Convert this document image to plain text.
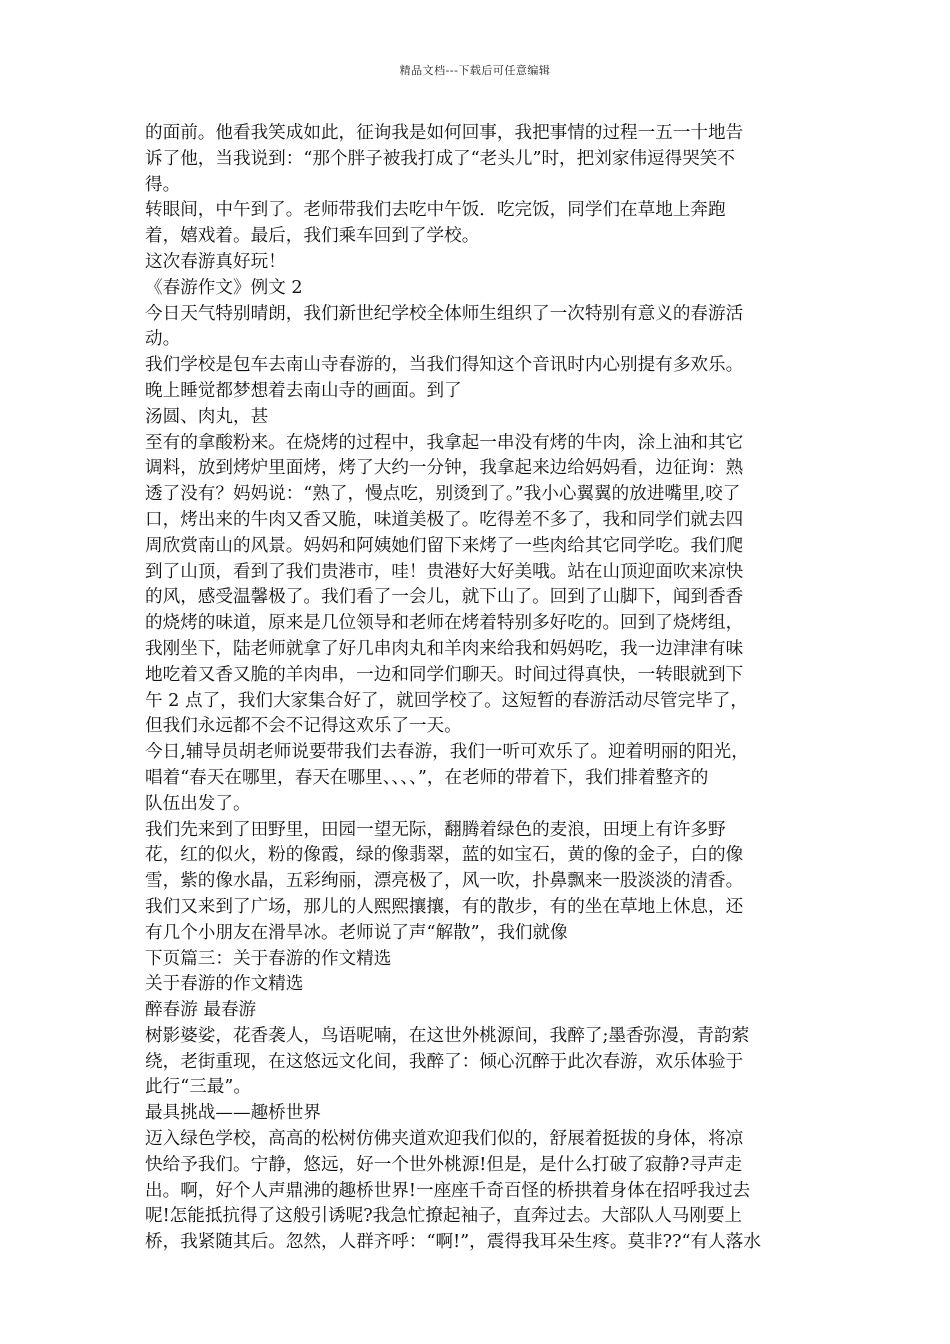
精品文档---下载后可任意编辑
的面前。他看我笑成如此，征询我是如何回事，我把事情的过程一五一十地告
诉了他，当我说到：“那个胖子被我打成了“老头儿”时，把刘家伟逗得哭笑不
得。
转眼间，中午到了。老师带我们去吃中午饭．吃完饭，同学们在草地上奔跑
着，嬉戏着。最后，我们乘车回到了学校。
这次春游真好玩！
《春游作文》例文 2
今日天气特别晴朗，我们新世纪学校全体师生组织了一次特别有意义的春游活
动。
我们学校是包车去南山寺春游的，当我们得知这个音讯时内心别提有多欢乐。
晚上睡觉都梦想着去南山寺的画面。到了
汤圆、肉丸，甚
至有的拿酸粉来。在烧烤的过程中，我拿起一串没有烤的牛肉，涂上油和其它
调料，放到烤炉里面烤，烤了大约一分钟，我拿起来边给妈妈看，边征询：熟
透了没有？妈妈说：“熟了，慢点吃，别烫到了。”我小心翼翼的放进嘴里,咬了
口，烤出来的牛肉又香又脆，味道美极了。吃得差不多了，我和同学们就去四
周欣赏南山的风景。妈妈和阿姨她们留下来烤了一些肉给其它同学吃。我们爬
到了山顶，看到了我们贵港市，哇！贵港好大好美哦。站在山顶迎面吹来凉快
的风，感受温馨极了。我们看了一会儿，就下山了。回到了山脚下，闻到香香
的烧烤的味道，原来是几位领导和老师在烤着特别多好吃的。回到了烧烤组，
我刚坐下，陆老师就拿了好几串肉丸和羊肉来给我和妈妈吃，我一边津津有味
地吃着又香又脆的羊肉串，一边和同学们聊天。时间过得真快，一转眼就到下
午 2 点了，我们大家集合好了，就回学校了。这短暂的春游活动尽管完毕了，
但我们永远都不会不记得这欢乐了一天。
今日,辅导员胡老师说要带我们去春游，我们一听可欢乐了。迎着明丽的阳光，
唱着“春天在哪里，春天在哪里、、、、”，在老师的带着下，我们排着整齐的
队伍出发了。
我们先来到了田野里，田园一望无际，翻腾着绿色的麦浪，田埂上有许多野
花，红的似火，粉的像霞，绿的像翡翠，蓝的如宝石，黄的像的金子，白的像
雪，紫的像水晶，五彩绚丽，漂亮极了，风一吹，扑鼻飘来一股淡淡的清香。
我们又来到了广场，那儿的人熙熙攘攘，有的散步，有的坐在草地上休息，还
有几个小朋友在滑旱冰。老师说了声“解散”，我们就像
下页篇三：关于春游的作文精选
关于春游的作文精选
醉春游 最春游
树影婆娑，花香袭人，鸟语呢喃，在这世外桃源间，我醉了;墨香弥漫，青韵萦
绕，老街重现，在这悠远文化间，我醉了：倾心沉醉于此次春游，欢乐体验于
此行“三最”。
最具挑战——趣桥世界
迈入绿色学校，高高的松树仿佛夹道欢迎我们似的，舒展着挺拔的身体，将凉
快给予我们。宁静，悠远，好一个世外桃源!但是，是什么打破了寂静?寻声走
出。啊，好个人声鼎沸的趣桥世界!一座座千奇百怪的桥拱着身体在招呼我过去
呢!怎能抵抗得了这般引诱呢?我急忙撩起袖子，直奔过去。大部队人马刚要上
桥，我紧随其后。忽然，人群齐呼：“啊!”，震得我耳朵生疼。莫非??“有人落水
